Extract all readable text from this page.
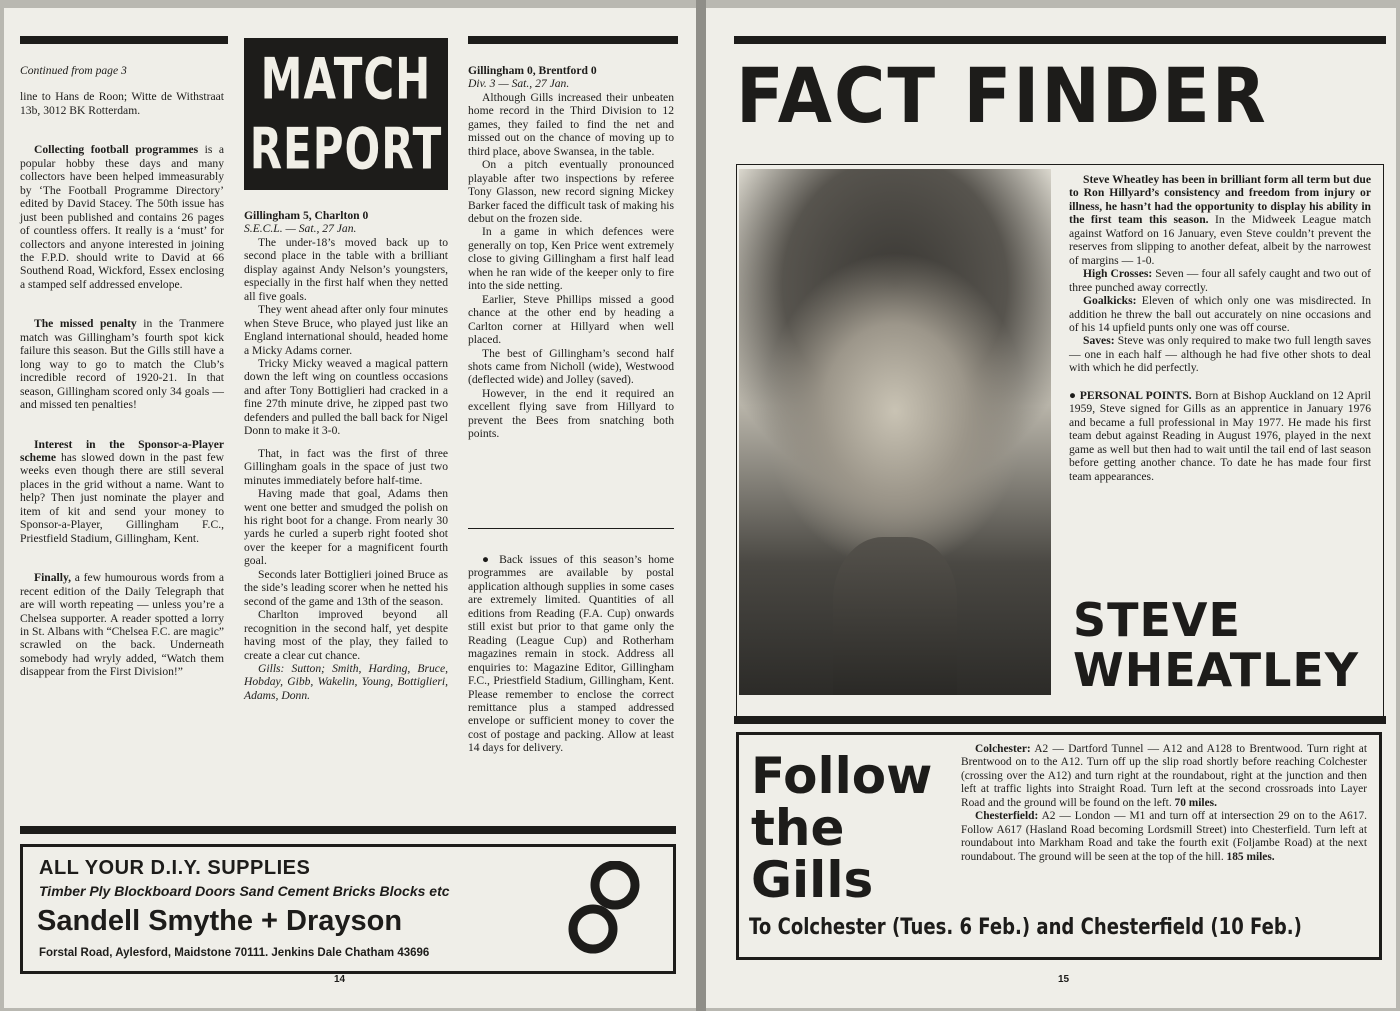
Continued from page 3

line to Hans de Roon; Witte de Withstraat 13b, 3012 BK Rotterdam.

Collecting football programmes is a popular hobby these days and many collectors have been helped immeasurably by ‘The Football Programme Directory’ edited by David Stacey. The 50th issue has just been published and contains 26 pages of countless offers. It really is a ‘must’ for collectors and anyone interested in joining the F.P.D. should write to David at 66 Southend Road, Wickford, Essex enclosing a stamped self addressed envelope.

The missed penalty in the Tranmere match was Gillingham’s fourth spot kick failure this season. But the Gills still have a long way to go to match the Club’s incredible record of 1920-21. In that season, Gillingham scored only 34 goals — and missed ten penalties!

Interest in the Sponsor-a-Player scheme has slowed down in the past few weeks even though there are still several places in the grid without a name. Want to help? Then just nominate the player and item of kit and send your money to Sponsor-a-Player, Gillingham F.C., Priestfield Stadium, Gillingham, Kent.

Finally, a few humourous words from a recent edition of the Daily Telegraph that are will worth repeating — unless you’re a Chelsea supporter. A reader spotted a lorry in St. Albans with “Chelsea F.C. are magic” scrawled on the back. Underneath somebody had wryly added, “Watch them disappear from the First Division!”

MATCH
REPORT

Gillingham 5, Charlton 0

S.E.C.L. — Sat., 27 Jan.

The under-18’s moved back up to second place in the table with a brilliant display against Andy Nelson’s youngsters, especially in the first half when they netted all five goals.

They went ahead after only four minutes when Steve Bruce, who played just like an England international should, headed home a Micky Adams corner.

Tricky Micky weaved a magical pattern down the left wing on countless occasions and after Tony Bottiglieri had cracked in a fine 27th minute drive, he zipped past two defenders and pulled the ball back for Nigel Donn to make it 3-0.

That, in fact was the first of three Gillingham goals in the space of just two minutes immediately before half-time.

Having made that goal, Adams then went one better and smudged the polish on his right boot for a change. From nearly 30 yards he curled a superb right footed shot over the keeper for a magnificent fourth goal.

Seconds later Bottiglieri joined Bruce as the side’s leading scorer when he netted his second of the game and 13th of the season.

Charlton improved beyond all recognition in the second half, yet despite having most of the play, they failed to create a clear cut chance.

Gills: Sutton; Smith, Harding, Bruce, Hobday, Gibb, Wakelin, Young, Bottiglieri, Adams, Donn.

Gillingham 0, Brentford 0

Div. 3 — Sat., 27 Jan.

Although Gills increased their unbeaten home record in the Third Division to 12 games, they failed to find the net and missed out on the chance of moving up to third place, above Swansea, in the table.

On a pitch eventually pronounced playable after two inspections by referee Tony Glasson, new record signing Mickey Barker faced the difficult task of making his debut on the frozen side.

In a game in which defences were generally on top, Ken Price went extremely close to giving Gillingham a first half lead when he ran wide of the keeper only to fire into the side netting.

Earlier, Steve Phillips missed a good chance at the other end by heading a Carlton corner at Hillyard when well placed.

The best of Gillingham’s second half shots came from Nicholl (wide), Westwood (deflected wide) and Jolley (saved).

However, in the end it required an excellent flying save from Hillyard to prevent the Bees from snatching both points.

● Back issues of this season’s home programmes are available by postal application although supplies in some cases are extremely limited. Quantities of all editions from Reading (F.A. Cup) onwards still exist but prior to that game only the Reading (League Cup) and Rotherham magazines remain in stock. Address all enquiries to: Magazine Editor, Gillingham F.C., Priestfield Stadium, Gillingham, Kent. Please remember to enclose the correct remittance plus a stamped addressed envelope or sufficient money to cover the cost of postage and packing. Allow at least 14 days for delivery.

ALL YOUR D.I.Y. SUPPLIES
Timber Ply Blockboard Doors Sand Cement Bricks Blocks etc
Sandell Smythe + Drayson
Forstal Road, Aylesford, Maidstone 70111. Jenkins Dale Chatham 43696
14
FACT FINDER

Steve Wheatley has been in brilliant form all term but due to Ron Hillyard’s consistency and freedom from injury or illness, he hasn’t had the opportunity to display his ability in the first team this season. In the Midweek League match against Watford on 16 January, even Steve couldn’t prevent the reserves from slipping to another defeat, albeit by the narrowest of margins — 1-0.

High Crosses: Seven — four all safely caught and two out of three punched away correctly.

Goalkicks: Eleven of which only one was misdirected. In addition he threw the ball out accurately on nine occasions and of his 14 upfield punts only one was off course.

Saves: Steve was only required to make two full length saves — one in each half — although he had five other shots to deal with which he did perfectly.

● PERSONAL POINTS. Born at Bishop Auckland on 12 April 1959, Steve signed for Gills as an apprentice in January 1976 and became a full professional in May 1977. He made his first team debut against Reading in August 1976, played in the next game as well but then had to wait until the tail end of last season before getting another chance. To date he has made four first team appearances.

STEVE
WHEATLEY
Follow
the
Gills

Colchester: A2 — Dartford Tunnel — A12 and A128 to Brentwood. Turn right at Brentwood on to the A12. Turn off up the slip road shortly before reaching Colchester (crossing over the A12) and turn right at the roundabout, right at the junction and then left at traffic lights into Straight Road. Turn left at the second crossroads into Layer Road and the ground will be found on the left. 70 miles.

Chesterfield: A2 — London — M1 and turn off at intersection 29 on to the A617. Follow A617 (Hasland Road becoming Lordsmill Street) into Chesterfield. Turn left at roundabout into Markham Road and take the fourth exit (Foljambe Road) at the next roundabout. The ground will be seen at the top of the hill. 185 miles.

To Colchester (Tues. 6 Feb.) and Chesterfield (10 Feb.)
15
